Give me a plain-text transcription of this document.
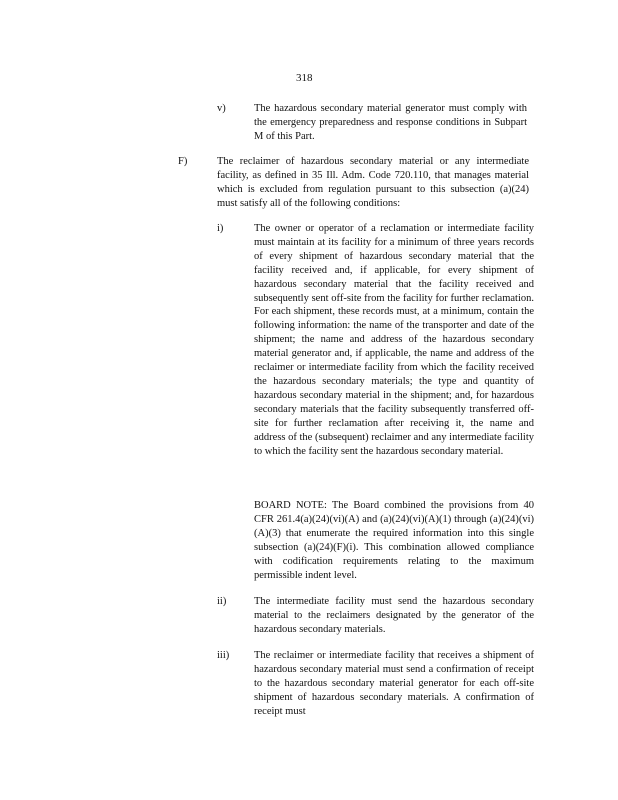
318
v)	The hazardous secondary material generator must comply with the emergency preparedness and response conditions in Subpart M of this Part.

F)	The reclaimer of hazardous secondary material or any intermediate facility, as defined in 35 Ill. Adm. Code 720.110, that manages material which is excluded from regulation pursuant to this subsection (a)(24) must satisfy all of the following conditions:

i)	The owner or operator of a reclamation or intermediate facility must maintain at its facility for a minimum of three years records of every shipment of hazardous secondary material that the facility received and, if applicable, for every shipment of hazardous secondary material that the facility received and subsequently sent off-site from the facility for further reclamation. For each shipment, these records must, at a minimum, contain the following information: the name of the transporter and date of the shipment; the name and address of the hazardous secondary material generator and, if applicable, the name and address of the reclaimer or intermediate facility from which the facility received the hazardous secondary materials; the type and quantity of hazardous secondary material in the shipment; and, for hazardous secondary materials that the facility subsequently transferred off-site for further reclamation after receiving it, the name and address of the (subsequent) reclaimer and any intermediate facility to which the facility sent the hazardous secondary material.

BOARD NOTE: The Board combined the provisions from 40 CFR 261.4(a)(24)(vi)(A) and (a)(24)(vi)(A)(1) through (a)(24)(vi)(A)(3) that enumerate the required information into this single subsection (a)(24)(F)(i). This combination allowed compliance with codification requirements relating to the maximum permissible indent level.

ii)	The intermediate facility must send the hazardous secondary material to the reclaimers designated by the generator of the hazardous secondary materials.

iii) The reclaimer or intermediate facility that receives a shipment of hazardous secondary material must send a confirmation of receipt to the hazardous secondary material generator for each off-site shipment of hazardous secondary materials. A confirmation of receipt must
